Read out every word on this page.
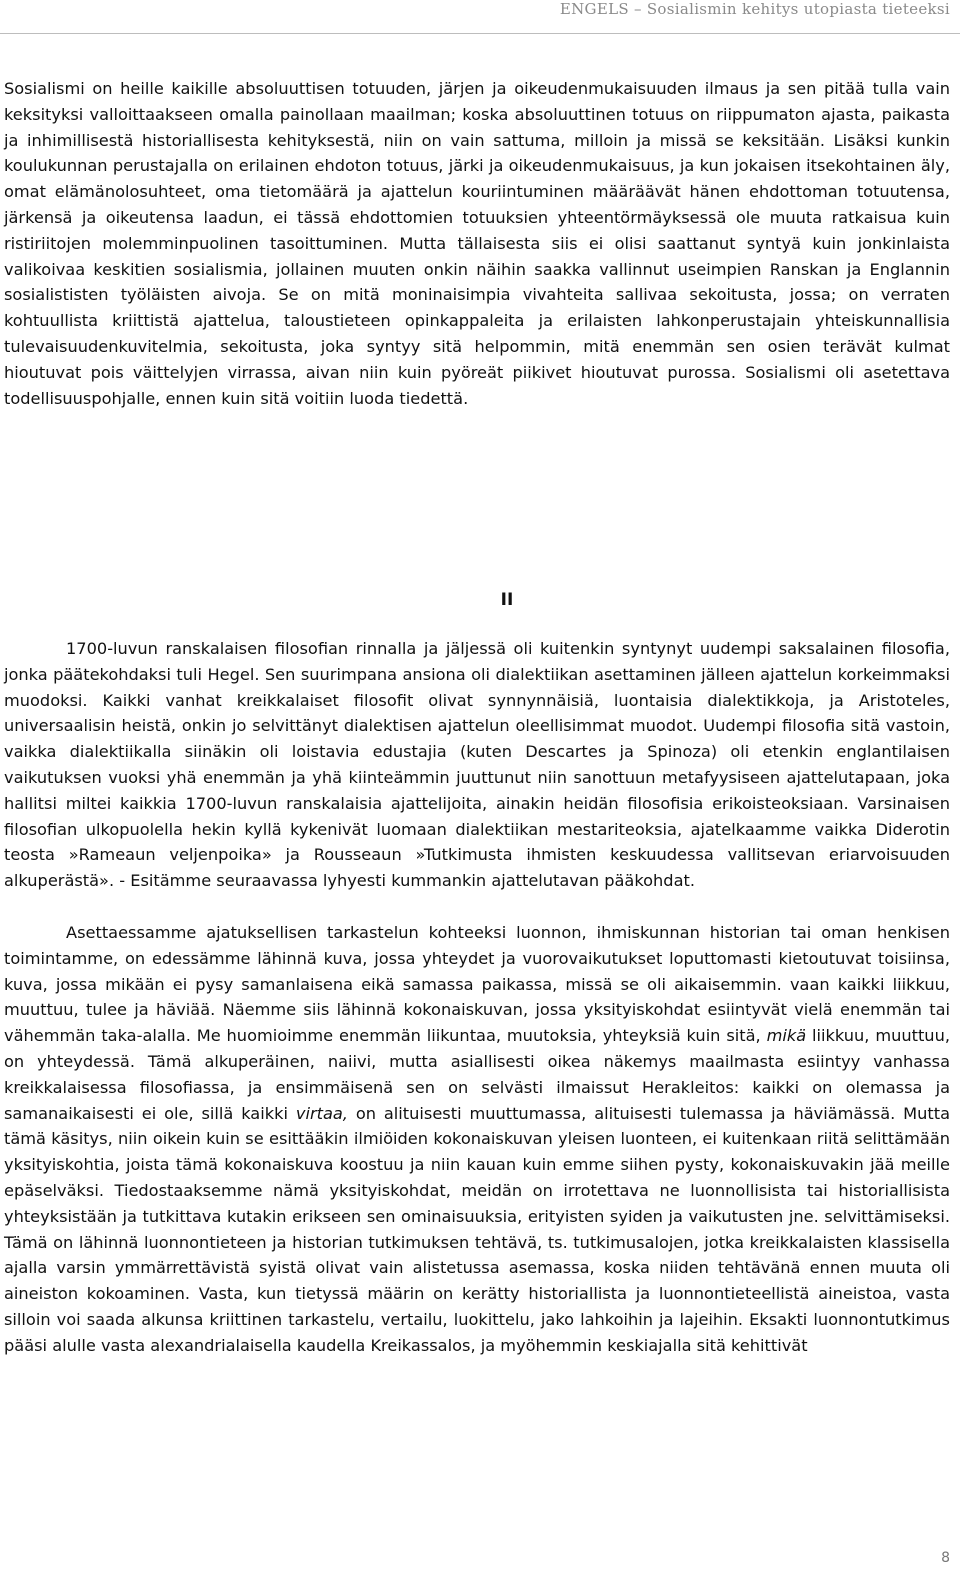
ENGELS – Sosialismin kehitys utopiasta tieteeksi

Sosialismi on heille kaikille absoluuttisen totuuden, järjen ja oikeudenmukaisuuden ilmaus ja sen pitää tulla vain keksityksi valloittaakseen omalla painollaan maailman; koska absoluuttinen totuus on riippumaton ajasta, paikasta ja inhimillisestä historiallisesta kehityksestä, niin on vain sattuma, milloin ja missä se keksitään. Lisäksi kunkin koulukunnan perustajalla on erilainen ehdoton totuus, järki ja oikeudenmukaisuus, ja kun jokaisen itsekohtainen äly, omat elämänolosuhteet, oma tietomäärä ja ajattelun kouriintuminen määräävät hänen ehdottoman totuutensa, järkensä ja oikeutensa laadun, ei tässä ehdottomien totuuksien yhteentörmäyksessä ole muuta ratkaisua kuin ristiriitojen molemminpuolinen tasoittuminen. Mutta tällaisesta siis ei olisi saattanut syntyä kuin jonkinlaista valikoivaa keskitien sosialismia, jollainen muuten onkin näihin saakka vallinnut useimpien Ranskan ja Englannin sosialististen työläisten aivoja. Se on mitä moninaisimpia vivahteita sallivaa sekoitusta, jossa; on verraten kohtuullista kriittistä ajattelua, taloustieteen opinkappaleita ja erilaisten lahkonperustajain yhteiskunnallisia tulevaisuudenkuvitelmia, sekoitusta, joka syntyy sitä helpommin, mitä enemmän sen osien terävät kulmat hioutuvat pois väittelyjen virrassa, aivan niin kuin pyöreät piikivet hioutuvat purossa. Sosialismi oli asetettava todellisuuspohjalle, ennen kuin sitä voitiin luoda tiedettä.

II

1700-luvun ranskalaisen filosofian rinnalla ja jäljessä oli kuitenkin syntynyt uudempi saksalainen filosofia, jonka päätekohdaksi tuli Hegel. Sen suurimpana ansiona oli dialektiikan asettaminen jälleen ajattelun korkeimmaksi muodoksi. Kaikki vanhat kreikkalaiset filosofit olivat synnynnäisiä, luontaisia dialektikkoja, ja Aristoteles, universaalisin heistä, onkin jo selvittänyt dialektisen ajattelun oleellisimmat muodot. Uudempi filosofia sitä vastoin, vaikka dialektiikalla siinäkin oli loistavia edustajia (kuten Descartes ja Spinoza) oli etenkin englantilaisen vaikutuksen vuoksi yhä enemmän ja yhä kiinteämmin juuttunut niin sanottuun metafyysiseen ajattelutapaan, joka hallitsi miltei kaikkia 1700-luvun ranskalaisia ajattelijoita, ainakin heidän filosofisia erikoisteoksiaan. Varsinaisen filosofian ulkopuolella hekin kyllä kykenivät luomaan dialektiikan mestariteoksia, ajatelkaamme vaikka Diderotin teosta »Rameaun veljenpoika» ja Rousseaun »Tutkimusta ihmisten keskuudessa vallitsevan eriarvoisuuden alkuperästä». - Esitämme seuraavassa lyhyesti kummankin ajattelutavan pääkohdat.

Asettaessamme ajatuksellisen tarkastelun kohteeksi luonnon, ihmiskunnan historian tai oman henkisen toimintamme, on edessämme lähinnä kuva, jossa yhteydet ja vuorovaikutukset loputtomasti kietoutuvat toisiinsa, kuva, jossa mikään ei pysy samanlaisena eikä samassa paikassa, missä se oli aikaisemmin. vaan kaikki liikkuu, muuttuu, tulee ja häviää. Näemme siis lähinnä kokonaiskuvan, jossa yksityiskohdat esiintyvät vielä enemmän tai vähemmän taka-alalla. Me huomioimme enemmän liikuntaa, muutoksia, yhteyksiä kuin sitä, mikä liikkuu, muuttuu, on yhteydessä. Tämä alkuperäinen, naiivi, mutta asiallisesti oikea näkemys maailmasta esiintyy vanhassa kreikkalaisessa filosofiassa, ja ensimmäisenä sen on selvästi ilmaissut Herakleitos: kaikki on olemassa ja samanaikaisesti ei ole, sillä kaikki virtaa, on alituisesti muuttumassa, alituisesti tulemassa ja häviämässä. Mutta tämä käsitys, niin oikein kuin se esittääkin ilmiöiden kokonaiskuvan yleisen luonteen, ei kuitenkaan riitä selittämään yksityiskohtia, joista tämä kokonaiskuva koostuu ja niin kauan kuin emme siihen pysty, kokonaiskuvakin jää meille epäselväksi. Tiedostaaksemme nämä yksityiskohdat, meidän on irrotettava ne luonnollisista tai historiallisista yhteyksistään ja tutkittava kutakin erikseen sen ominaisuuksia, erityisten syiden ja vaikutusten jne. selvittämiseksi. Tämä on lähinnä luonnontieteen ja historian tutkimuksen tehtävä, ts. tutkimusalojen, jotka kreikkalaisten klassisella ajalla varsin ymmärrettävistä syistä olivat vain alistetussa asemassa, koska niiden tehtävänä ennen muuta oli aineiston kokoaminen. Vasta, kun tietyssä määrin on kerätty historiallista ja luonnontieteellistä aineistoa, vasta silloin voi saada alkunsa kriittinen tarkastelu, vertailu, luokittelu, jako lahkoihin ja lajeihin. Eksakti luonnontutkimus pääsi alulle vasta alexandrialaisella kaudella Kreikassalos, ja myöhemmin keskiajalla sitä kehittivät

8
